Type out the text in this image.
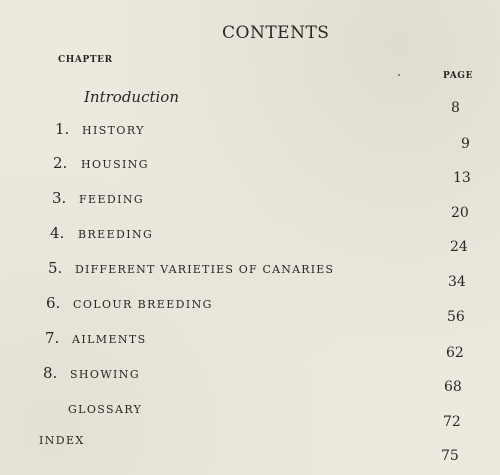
CONTENTS
CHAPTER
PAGE
Introduction
8
1. HISTORY
9
2. HOUSING
13
3. FEEDING
20
4. BREEDING
24
5. DIFFERENT VARIETIES OF CANARIES
34
6. COLOUR BREEDING
56
7. AILMENTS
62
8. SHOWING
68
GLOSSARY
72
INDEX
75
